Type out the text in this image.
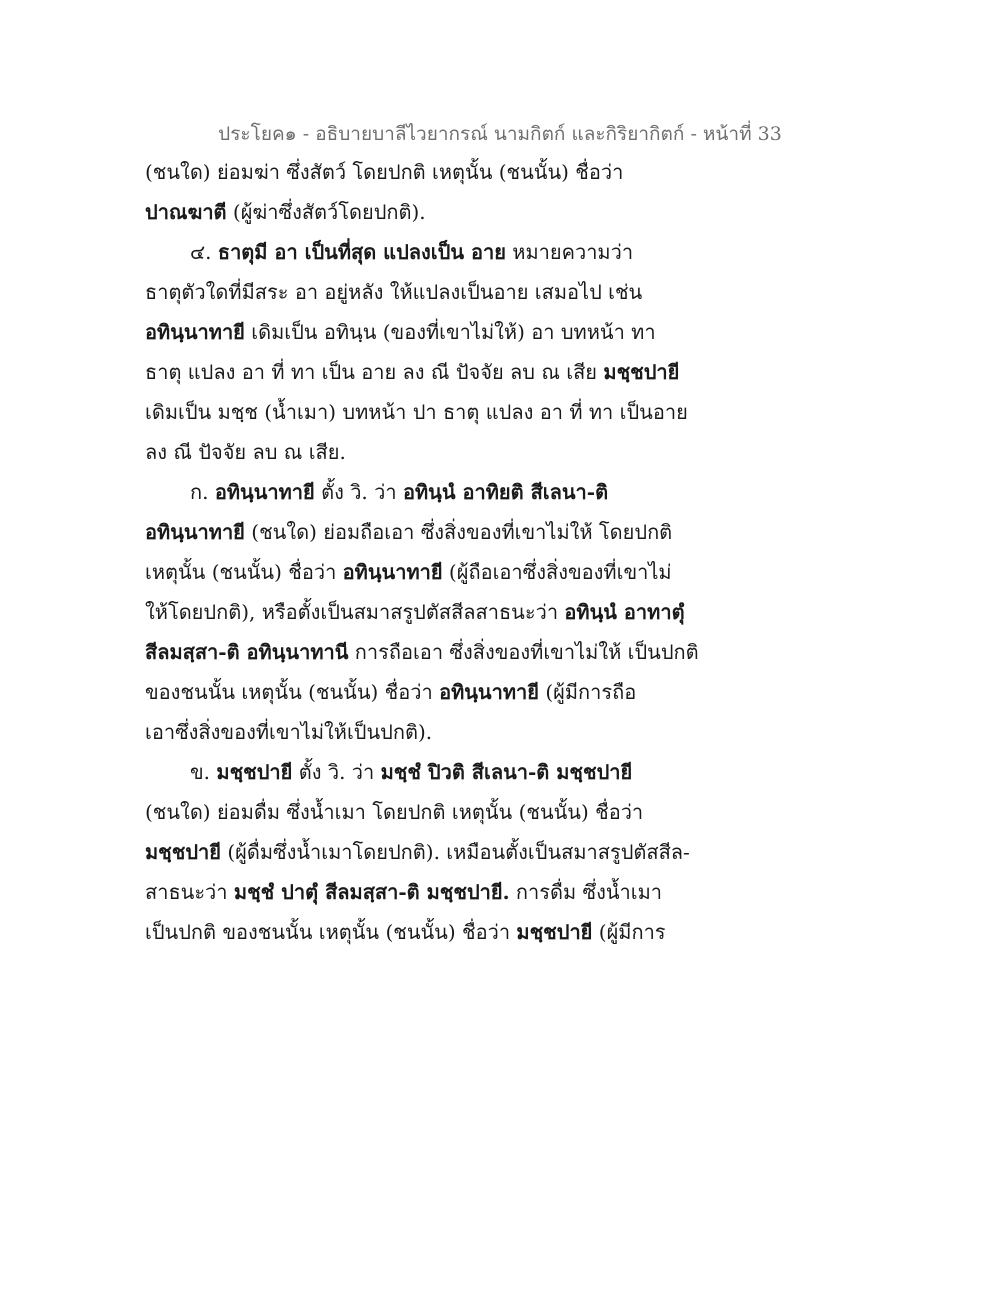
ประโยค๑ - อธิบายบาลีไวยากรณ์ นามกิตก์ และกิริยากิตก์ - หน้าที่ 33
(ชนใด) ย่อมฆ่า ซึ่งสัตว์ โดยปกติ เหตุนั้น (ชนนั้น) ชื่อว่า
ปาณฆาตี (ผู้ฆ่าซึ่งสัตว์โดยปกติ).
๔. ธาตุมี อา เป็นที่สุด แปลงเป็น อาย หมายความว่า
ธาตุตัวใดที่มีสระ อา อยู่หลัง ให้แปลงเป็นอาย เสมอไป เช่น
อทินฺนาทายี เดิมเป็น อทินฺน (ของที่เขาไม่ให้) อา บทหน้า ทา
ธาตุ แปลง อา ที่ ทา เป็น อาย ลง ณี ปัจจัย ลบ ณ เสีย มชฺชปายี
เดิมเป็น มชฺช (น้ำเมา) บทหน้า ปา ธาตุ แปลง อา ที่ ทา เป็นอาย
ลง ณี ปัจจัย ลบ ณ เสีย.
ก. อทินฺนาทายี ตั้ง วิ. ว่า อทินฺนํ อาทิยติ สีเลนา-ติ
อทินฺนาทายี (ชนใด) ย่อมถือเอา ซึ่งสิ่งของที่เขาไม่ให้ โดยปกติ
เหตุนั้น (ชนนั้น) ชื่อว่า อทินฺนาทายี (ผู้ถือเอาซึ่งสิ่งของที่เขาไม่
ให้โดยปกติ), หรือตั้งเป็นสมาสรูปตัสสีลสาธนะว่า อทินฺนํ อาทาตุํ
สีลมสฺสา-ติ อทินฺนาทานี การถือเอา ซึ่งสิ่งของที่เขาไม่ให้ เป็นปกติ
ของชนนั้น เหตุนั้น (ชนนั้น) ชื่อว่า อทินฺนาทายี (ผู้มีการถือ
เอาซึ่งสิ่งของที่เขาไม่ให้เป็นปกติ).
ข. มชฺชปายี ตั้ง วิ. ว่า มชฺชํ ปิวติ สีเลนา-ติ มชฺชปายี
(ชนใด) ย่อมดื่ม ซึ่งน้ำเมา โดยปกติ เหตุนั้น (ชนนั้น) ชื่อว่า
มชฺชปายี (ผู้ดื่มซึ่งน้ำเมาโดยปกติ). เหมือนตั้งเป็นสมาสรูปตัสสีล-
สาธนะว่า มชฺชํ ปาตุํ สีลมสฺสา-ติ มชฺชปายี. การดื่ม ซึ่งน้ำเมา
เป็นปกติ ของชนนั้น เหตุนั้น (ชนนั้น) ชื่อว่า มชฺชปายี (ผู้มีการ
